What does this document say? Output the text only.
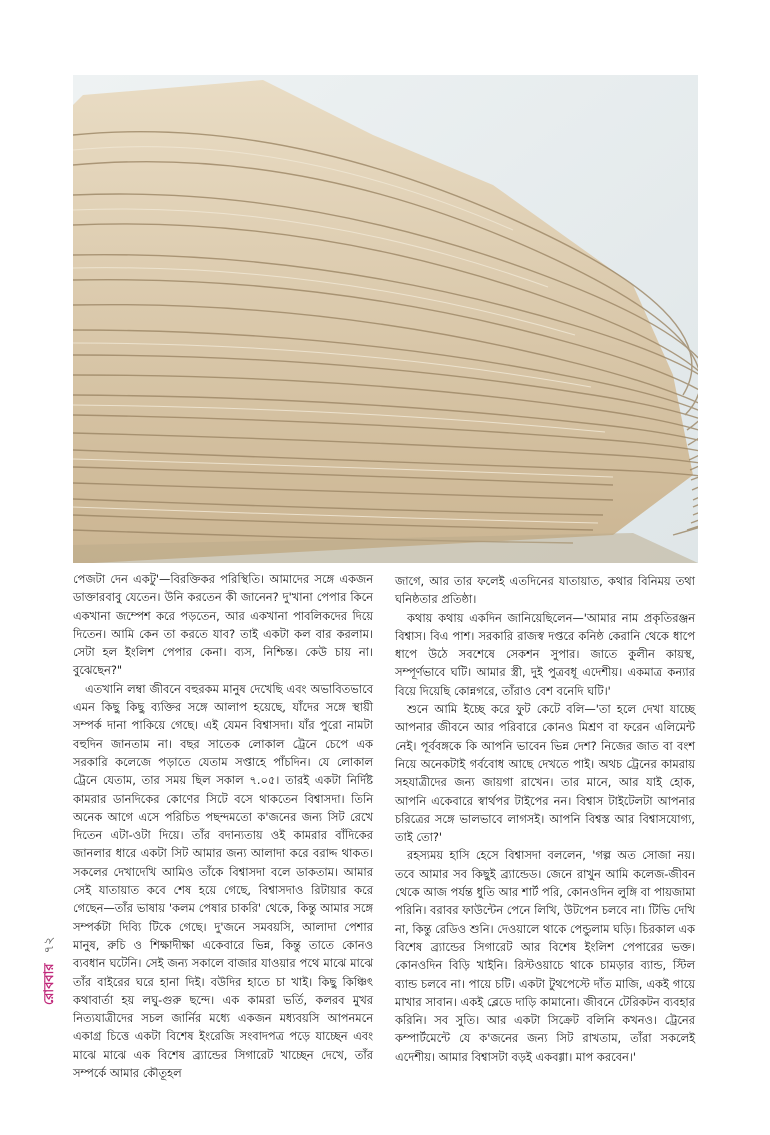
পেজটা দেন একটু'—বিরক্তিকর পরিস্থিতি। আমাদের সঙ্গে একজন ডাক্তারবাবু যেতেন। উনি করতেন কী জানেন? দু'খানা পেপার কিনে একখানা জম্পেশ করে পড়তেন, আর একখানা পাবলিকদের দিয়ে দিতেন। আমি কেন তা করতে যাব? তাই একটা কল বার করলাম। সেটা হল ইংলিশ পেপার কেনা। ব্যস, নিশ্চিন্ত। কেউ চায় না। বুঝেছেন?"

এতখানি লম্বা জীবনে বহুরকম মানুষ দেখেছি এবং অভাবিতভাবে এমন কিছু কিছু ব্যক্তির সঙ্গে আলাপ হয়েছে, যাঁদের সঙ্গে স্থায়ী সম্পর্ক দানা পাকিয়ে গেছে। এই যেমন বিশ্বাসদা। যাঁর পুরো নামটা বহুদিন জানতাম না। বছর সাতেক লোকাল ট্রেনে চেপে এক সরকারি কলেজে পড়াতে যেতাম সপ্তাহে পাঁচদিন। যে লোকাল ট্রেনে যেতাম, তার সময় ছিল সকাল ৭.০৫। তারই একটা নির্দিষ্ট কামরার ডানদিকের কোণের সিটে বসে থাকতেন বিশ্বাসদা। তিনি অনেক আগে এসে পরিচিত পছন্দমতো ক'জনের জন্য সিট রেখে দিতেন এটা-ওটা দিয়ে। তাঁর বদান্যতায় ওই কামরার বাঁদিকের জানলার ধারে একটা সিট আমার জন্য আলাদা করে বরাদ্দ থাকত। সকলের দেখাদেখি আমিও তাঁকে বিশ্বাসদা বলে ডাকতাম। আমার সেই যাতায়াত কবে শেষ হয়ে গেছে, বিশ্বাসদাও রিটায়ার করে গেছেন—তাঁর ভাষায় 'কলম পেষার চাকরি' থেকে, কিন্তু আমার সঙ্গে সম্পর্কটা দিব্যি টিকে গেছে। দু'জনে সমবয়সি, আলাদা পেশার মানুষ, রুচি ও শিক্ষাদীক্ষা একেবারে ভিন্ন, কিন্তু তাতে কোনও ব্যবধান ঘটেনি। সেই জন্য সকালে বাজার যাওয়ার পথে মাঝে মাঝে তাঁর বাইরের ঘরে হানা দিই। বউদির হাতে চা খাই। কিছু কিঞ্চিৎ কথাবার্তা হয় লঘু-গুরু ছন্দে। এক কামরা ভর্তি, কলরব মুখর নিত্যযাত্রীদের সচল জার্নির মধ্যে একজন মধ্যবয়সি আপনমনে একাগ্র চিত্তে একটা বিশেষ ইংরেজি সংবাদপত্র পড়ে যাচ্ছেন এবং মাঝে মাঝে এক বিশেষ ব্র্যান্ডের সিগারেট খাচ্ছেন দেখে, তাঁর সম্পর্কে আমার কৌতূহল

জাগে, আর তার ফলেই এতদিনের যাতায়াত, কথার বিনিময় তথা ঘনিষ্ঠতার প্রতিষ্ঠা।

কথায় কথায় একদিন জানিয়েছিলেন—'আমার নাম প্রকৃতিরঞ্জন বিশ্বাস। বিএ পাশ। সরকারি রাজস্ব দপ্তরে কনিষ্ঠ কেরানি থেকে ধাপে ধাপে উঠে সবশেষে সেকশন সুপার। জাতে কুলীন কায়স্থ, সম্পূর্ণভাবে ঘটি। আমার স্ত্রী, দুই পুত্রবধূ এদেশীয়। একমাত্র কন্যার বিয়ে দিয়েছি কোন্নগরে, তাঁরাও বেশ বনেদি ঘটি।'

শুনে আমি ইচ্ছে করে ফুট কেটে বলি—'তা হলে দেখা যাচ্ছে আপনার জীবনে আর পরিবারে কোনও মিশ্রণ বা ফরেন এলিমেন্ট নেই। পূর্ববঙ্গকে কি আপনি ভাবেন ভিন্ন দেশ? নিজের জাত বা বংশ নিয়ে অনেকটাই গর্ববোধ আছে দেখতে পাই। অথচ ট্রেনের কামরায় সহযাত্রীদের জন্য জায়গা রাখেন। তার মানে, আর যাই হোক, আপনি একেবারে স্বার্থপর টাইপের নন। বিশ্বাস টাইটেলটা আপনার চরিত্রের সঙ্গে ভালভাবে লাগসই। আপনি বিশ্বস্ত আর বিশ্বাসযোগ্য, তাই তো?'

রহস্যময় হাসি হেসে বিশ্বাসদা বললেন, 'গল্প অত সোজা নয়। তবে আমার সব কিছুই ব্র্যান্ডেড। জেনে রাখুন আমি কলেজ-জীবন থেকে আজ পর্যন্ত ধুতি আর শার্ট পরি, কোনওদিন লুঙ্গি বা পায়জামা পরিনি। বরাবর ফাউন্টেন পেনে লিখি, উটপেন চলবে না। টিভি দেখি না, কিন্তু রেডিও শুনি। দেওয়ালে থাকে পেন্ডুলাম ঘড়ি। চিরকাল এক বিশেষ ব্র্যান্ডের সিগারেট আর বিশেষ ইংলিশ পেপারের ভক্ত। কোনওদিন বিড়ি খাইনি। রিস্টওয়াচে থাকে চামড়ার ব্যান্ড, স্টিল ব্যান্ড চলবে না। পায়ে চটি। একটা টুথপেস্টে দাঁত মাজি, একই গায়ে মাখার সাবান। একই ব্লেডে দাড়ি কামানো। জীবনে টেরিকটন ব্যবহার করিনি। সব সুতি। আর একটা সিক্রেট বলিনি কখনও। ট্রেনের কম্পার্টমেন্টে যে ক'জনের জন্য সিট রাখতাম, তাঁরা সকলেই এদেশীয়। আমার বিশ্বাসটা বড়ই একবগ্গা। মাপ করবেন।'

রোববার
৭২
